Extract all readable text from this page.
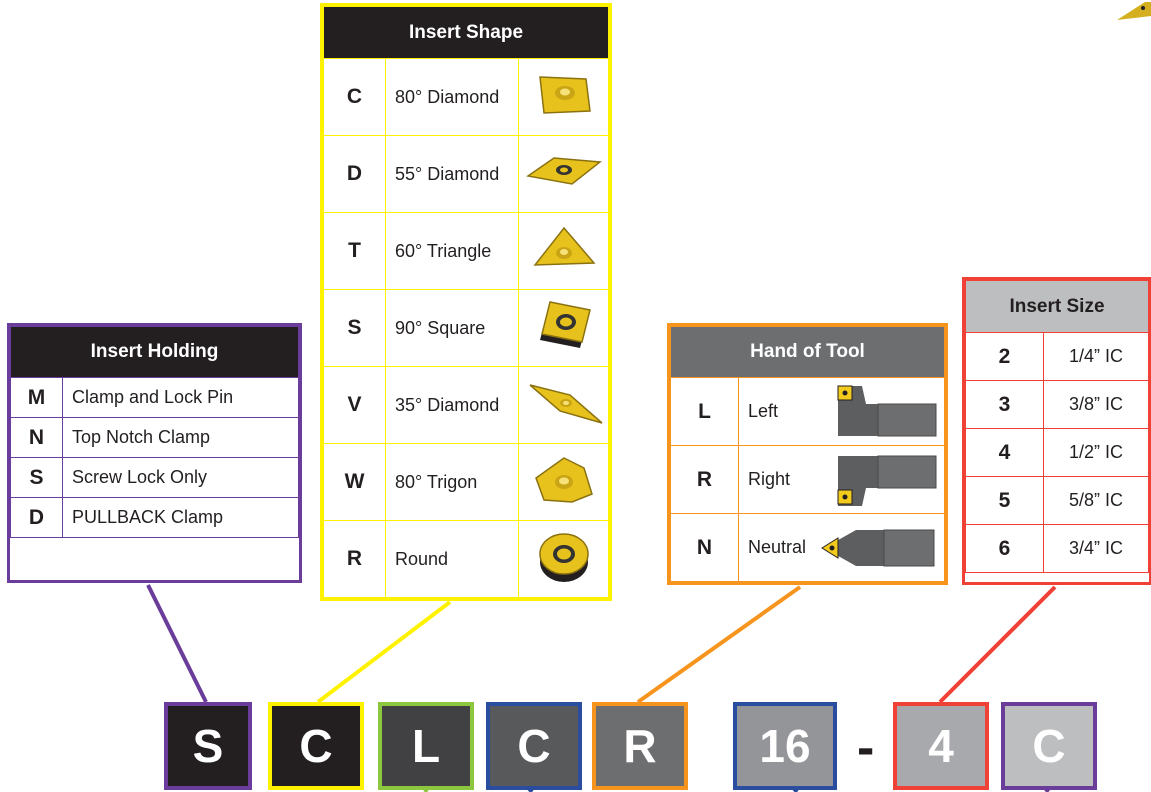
Insert Holding	
M	Clamp and Lock Pin
N	Top Notch Clamp
S	Screw Lock Only
D	PULLBACK Clamp
Insert Shape		
C	80° Diamond	
D	55° Diamond	
T	60° Triangle	
S	90° Square	
V	35° Diamond	
W	80° Trigon	
R	Round	
Hand of Tool	
L	Left

R	Right

N	Neutral
Insert Size	
2	1/4” IC
3	3/8” IC
4	1/2” IC
5	5/8” IC
6	3/4” IC
S C L C R 16 - 4 C
